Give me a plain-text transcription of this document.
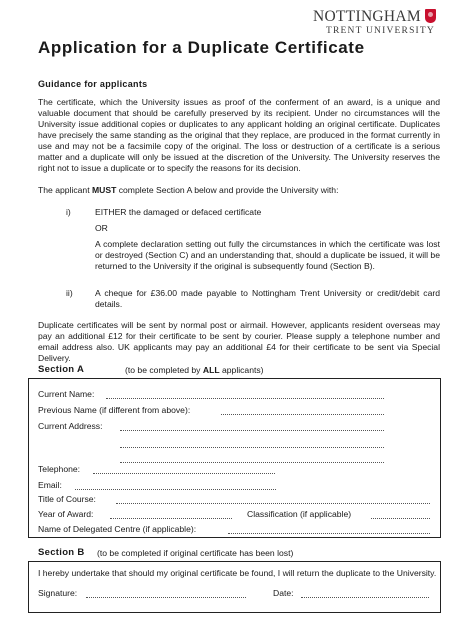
NOTTINGHAM
TRENT UNIVERSITY
Application for a Duplicate Certificate
Guidance for applicants
The certificate, which the University issues as proof of the conferment of an award, is a unique and valuable document that should be carefully preserved by its recipient. Under no circumstances will the University issue additional copies or duplicates to any applicant holding an original certificate. Duplicates have precisely the same standing as the original that they replace, are produced in the format currently in use and may not be a facsimile copy of the original. The loss or destruction of a certificate is a serious matter and a duplicate will only be issued at the discretion of the University. The University reserves the right not to issue a duplicate or to specify the reasons for its decision.
The applicant MUST complete Section A below and provide the University with:
i)	EITHER the damaged or defaced certificate
OR
A complete declaration setting out fully the circumstances in which the certificate was lost or destroyed (Section C) and an understanding that, should a duplicate be issued, it will be returned to the University if the original is subsequently found (Section B).
ii)	A cheque for £36.00 made payable to Nottingham Trent University or credit/debit card details.
Duplicate certificates will be sent by normal post or airmail. However, applicants resident overseas may pay an additional £12 for their certificate to be sent by courier. Please supply a telephone number and email address also. UK applicants may pay an additional £4 for their certificate to be sent via Special Delivery.
Section A	(to be completed by ALL applicants)
Current Name:
Previous Name (if different from above):
Current Address:
Telephone:
Email:
Title of Course:
Year of Award:	Classification (if applicable)
Name of Delegated Centre (if applicable):
Section B (to be completed if original certificate has been lost)
I hereby undertake that should my original certificate be found, I will return the duplicate to the University.
Signature:	Date:
